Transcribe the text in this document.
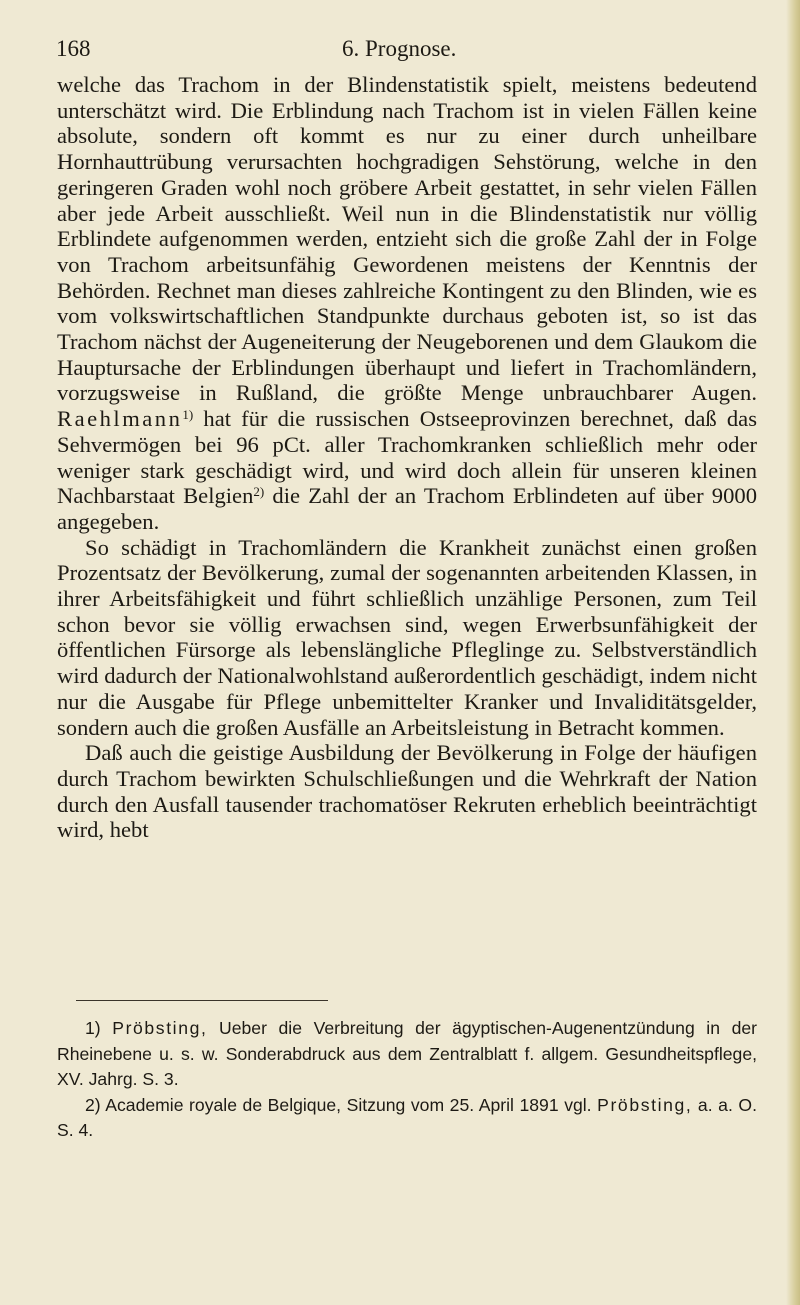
168	6. Prognose.

welche das Trachom in der Blindenstatistik spielt, meistens bedeutend unterschätzt wird. Die Erblindung nach Trachom ist in vielen Fällen keine absolute, sondern oft kommt es nur zu einer durch unheilbare Hornhauttrübung verursachten hochgradigen Sehstörung, welche in den geringeren Graden wohl noch gröbere Arbeit gestattet, in sehr vielen Fällen aber jede Arbeit ausschließt. Weil nun in die Blindenstatistik nur völlig Erblindete aufgenommen werden, entzieht sich die große Zahl der in Folge von Trachom arbeitsunfähig Gewordenen meistens der Kenntnis der Behörden. Rechnet man dieses zahlreiche Kontingent zu den Blinden, wie es vom volkswirtschaftlichen Standpunkte durchaus geboten ist, so ist das Trachom nächst der Augeneiterung der Neugeborenen und dem Glaukom die Hauptursache der Erblindungen überhaupt und liefert in Trachomländern, vorzugsweise in Rußland, die größte Menge unbrauchbarer Augen. Raehlmann$^{1)}$ hat für die russischen Ostseeprovinzen berechnet, daß das Sehvermögen bei 96 pCt. aller Trachomkranken schließlich mehr oder weniger stark geschädigt wird, und wird doch allein für unseren kleinen Nachbarstaat Belgien$^{2)}$ die Zahl der an Trachom Erblindeten auf über 9000 angegeben.

So schädigt in Trachomländern die Krankheit zunächst einen großen Prozentsatz der Bevölkerung, zumal der sogenannten arbeitenden Klassen, in ihrer Arbeitsfähigkeit und führt schließlich unzählige Personen, zum Teil schon bevor sie völlig erwachsen sind, wegen Erwerbsunfähigkeit der öffentlichen Fürsorge als lebenslängliche Pfleglinge zu. Selbstverständlich wird dadurch der Nationalwohlstand außerordentlich geschädigt, indem nicht nur die Ausgabe für Pflege unbemittelter Kranker und Invaliditätsgelder, sondern auch die großen Ausfälle an Arbeitsleistung in Betracht kommen.

Daß auch die geistige Ausbildung der Bevölkerung in Folge der häufigen durch Trachom bewirkten Schulschließungen und die Wehrkraft der Nation durch den Ausfall tausender trachomatöser Rekruten erheblich beeinträchtigt wird, hebt

1) Pröbsting, Ueber die Verbreitung der ägyptischen-Augenentzündung in der Rheinebene u. s. w. Sonderabdruck aus dem Zentralblatt f. allgem. Gesundheitspflege, XV. Jahrg. S. 3.

2) Academie royale de Belgique, Sitzung vom 25. April 1891 vgl. Pröbsting, a. a. O. S. 4.
